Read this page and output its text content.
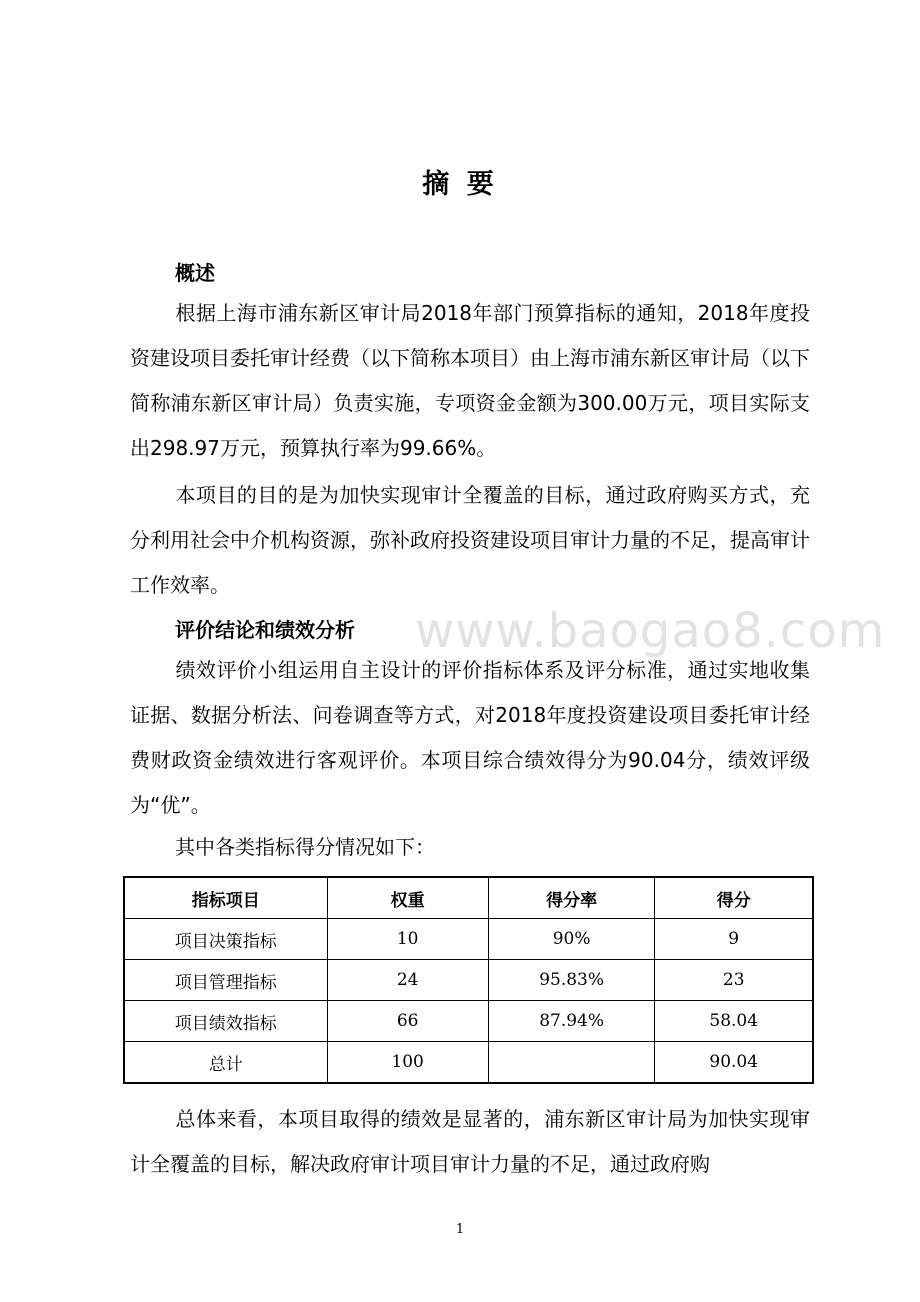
摘 要
概述
根据上海市浦东新区审计局2018年部门预算指标的通知，2018年度投资建设项目委托审计经费（以下简称本项目）由上海市浦东新区审计局（以下简称浦东新区审计局）负责实施，专项资金金额为300.00万元，项目实际支出298.97万元，预算执行率为99.66%。
本项目的目的是为加快实现审计全覆盖的目标，通过政府购买方式，充分利用社会中介机构资源，弥补政府投资建设项目审计力量的不足，提高审计工作效率。
评价结论和绩效分析 www.baogao8.com
绩效评价小组运用自主设计的评价指标体系及评分标准，通过实地收集证据、数据分析法、问卷调查等方式，对2018年度投资建设项目委托审计经费财政资金绩效进行客观评价。本项目综合绩效得分为90.04分，绩效评级为“优”。
其中各类指标得分情况如下：
指标项目	权重	得分率	得分
项目决策指标	10	90%	9
项目管理指标	24	95.83%	23
项目绩效指标	66	87.94%	58.04
总计	100		90.04
总体来看，本项目取得的绩效是显著的，浦东新区审计局为加快实现审计全覆盖的目标，解决政府审计项目审计力量的不足，通过政府购
1
